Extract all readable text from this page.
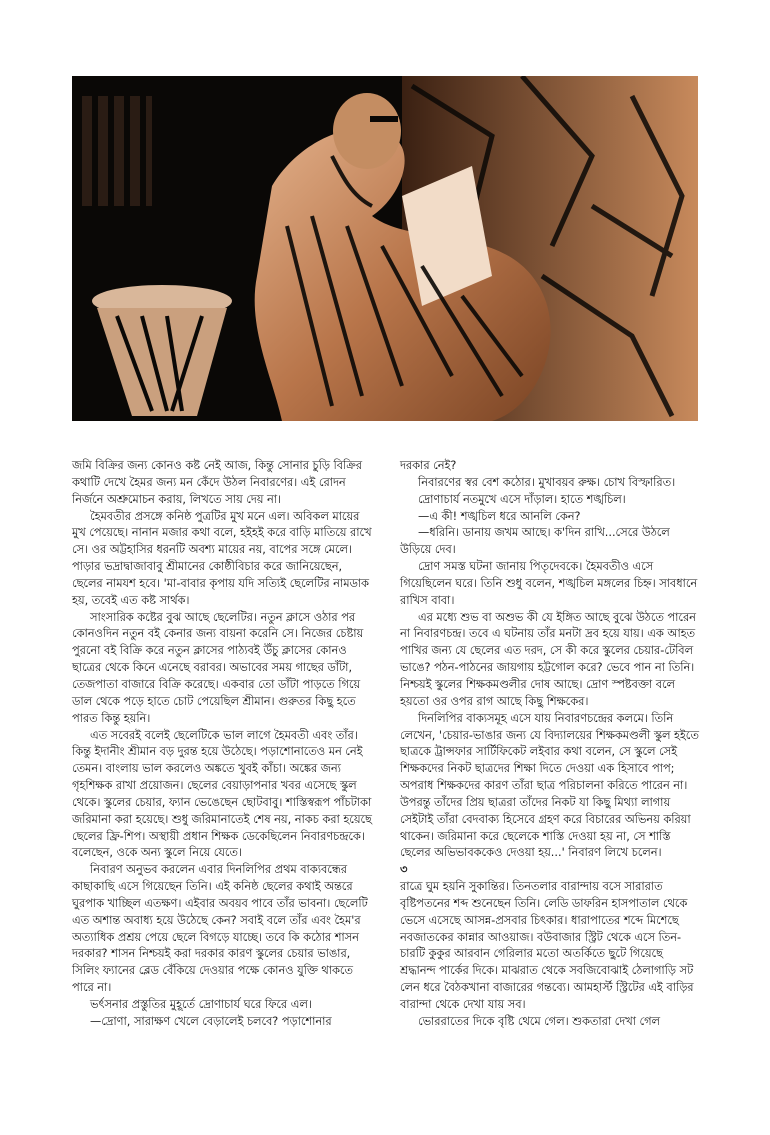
জমি বিক্রির জন্য কোনও কষ্ট নেই আজ, কিন্তু সোনার চুড়ি বিক্রির কথাটি দেখে হৈমর জন্য মন কেঁদে উঠল নিবারণের। এই রোদন নির্জনে অশ্রুমোচন করায়, লিখতে সায় দেয় না।

হৈমবতীর প্রসঙ্গে কনিষ্ঠ পুত্রটির মুখ মনে এল। অবিকল মায়ের মুখ পেয়েছে। নানান মজার কথা বলে, হইহই করে বাড়ি মাতিয়ে রাখে সে। ওর অট্টহাসির ধরনটি অবশ্য মায়ের নয়, বাপের সঙ্গে মেলে। পাড়ার ভদ্রাদ্বাজাবাবু শ্রীমানের কোষ্ঠীবিচার করে জানিয়েছেন, ছেলের নামযশ হবে। 'মা-বাবার কৃপায় যদি সত্যিই ছেলেটির নামডাক হয়, তবেই এত কষ্ট সার্থক।

সাংসারিক কষ্টের বুঝ আছে ছেলেটির। নতুন ক্লাসে ওঠার পর কোনওদিন নতুন বই কেনার জন্য বায়না করেনি সে। নিজের চেষ্টায় পুরনো বই বিক্রি করে নতুন ক্লাসের পাঠ্যবই উঁচু ক্লাসের কোনও ছাত্রের থেকে কিনে এনেছে বরাবর। অভাবের সময় গাছের ডাঁটা, তেজপাতা বাজারে বিক্রি করেছে। একবার তো ডাঁটা পাড়তে গিয়ে ডাল থেকে পড়ে হাতে চোট পেয়েছিল শ্রীমান। গুরুতর কিছু হতে পারত কিন্তু হয়নি।

এত সবেরই বলেই ছেলেটিকে ভাল লাগে হৈমবতী এবং তাঁর। কিন্তু ইদানীং শ্রীমান বড় দুরন্ত হয়ে উঠেছে। পড়াশোনাতেও মন নেই তেমন। বাংলায় ভাল করলেও অঙ্কতে খুবই কাঁচা। অঙ্কের জন্য গৃহশিক্ষক রাখা প্রয়োজন। ছেলের বেয়াড়াপনার খবর এসেছে স্কুল থেকে। স্কুলের চেয়ার, ফ্যান ভেঙেছেন ছোটবাবু। শাস্তিস্বরূপ পাঁচটাকা জরিমানা করা হয়েছে। শুধু জরিমানাতেই শেষ নয়, নাকচ করা হয়েছে ছেলের ফ্রি-শিপ। অস্থায়ী প্রধান শিক্ষক ডেকেছিলেন নিবারণচন্দ্রকে। বলেছেন, ওকে অন্য স্কুলে নিয়ে যেতে।

নিবারণ অনুভব করলেন এবার দিনলিপির প্রথম বাক্যবন্ধের কাছাকাছি এসে গিয়েছেন তিনি। এই কনিষ্ঠ ছেলের কথাই অন্তরে ঘুরপাক খাচ্ছিল এতক্ষণ। এইবার অবয়ব পাবে তাঁর ভাবনা। ছেলেটি এত অশান্ত অবাধ্য হয়ে উঠেছে কেন? সবাই বলে তাঁর এবং হৈম'র অত্যাধিক প্রশ্রয় পেয়ে ছেলে বিগড়ে যাচ্ছে। তবে কি কঠোর শাসন দরকার? শাসন নিশ্চয়ই করা দরকার কারণ স্কুলের চেয়ার ভাঙার, সিলিং ফ্যানের ব্লেড বেঁকিয়ে দেওয়ার পক্ষে কোনও যুক্তি থাকতে পারে না।

ভর্ৎসনার প্রস্তুতির মুহূর্তে দ্রোণাচার্য ঘরে ফিরে এল।

—দ্রোণা, সারাক্ষণ খেলে বেড়ালেই চলবে? পড়াশোনার

দরকার নেই?

নিবারণের স্বর বেশ কঠোর। মুখাবয়ব রুক্ষ। চোখ বিস্ফারিত।

দ্রোণাচার্য নতমুখে এসে দাঁড়াল। হাতে শঙ্খচিল।

—এ কী! শঙ্খচিল ধরে আনলি কেন?

—ধরিনি। ডানায় জখম আছে। ক'দিন রাখি...সেরে উঠলে উড়িয়ে দেব।

দ্রোণ সমস্ত ঘটনা জানায় পিতৃদেবকে। হৈমবতীও এসে গিয়েছিলেন ঘরে। তিনি শুধু বলেন, শঙ্খচিল মঙ্গলের চিহ্ন। সাবধানে রাখিস বাবা।

এর মধ্যে শুভ বা অশুভ কী যে ইঙ্গিত আছে বুঝে উঠতে পারেন না নিবারণচন্দ্র। তবে এ ঘটনায় তাঁর মনটা দ্রব হয়ে যায়। এক আহত পাখির জন্য যে ছেলের এত দরদ, সে কী করে স্কুলের চেয়ার-টেবিল ভাঙে? পঠন-পাঠনের জায়গায় হট্টগোল করে? ভেবে পান না তিনি। নিশ্চয়ই স্কুলের শিক্ষকমণ্ডলীর দোষ আছে। দ্রোণ স্পষ্টবক্তা বলে হয়তো ওর ওপর রাগ আছে কিছু শিক্ষকের।

দিনলিপির বাক্যসমূহ এসে যায় নিবারণচন্দ্রের কলমে। তিনি লেখেন, 'চেয়ার-ভাঙার জন্য যে বিদ্যালয়ের শিক্ষকমণ্ডলী স্কুল হইতে ছাত্রকে ট্রান্সফার সার্টিফিকেট লইবার কথা বলেন, সে স্কুলে সেই শিক্ষকদের নিকট ছাত্রদের শিক্ষা দিতে দেওয়া এক হিসাবে পাপ; অপরাধ শিক্ষকদের কারণ তাঁরা ছাত্র পরিচালনা করিতে পারেন না। উপরন্তু তাঁদের প্রিয় ছাত্ররা তাঁদের নিকট যা কিছু মিথ্যা লাগায় সেইটাই তাঁরা বেদবাক্য হিসেবে গ্রহণ করে বিচারের অভিনয় করিয়া থাকেন। জরিমানা করে ছেলেকে শাস্তি দেওয়া হয় না, সে শাস্তি ছেলের অভিভাবককেও দেওয়া হয়...' নিবারণ লিখে চলেন।

৩

রাত্রে ঘুম হয়নি সুকান্তির। তিনতলার বারান্দায় বসে সারারাত বৃষ্টিপতনের শব্দ শুনেছেন তিনি। লেডি ডাফরিন হাসপাতাল থেকে ভেসে এসেছে আসন্ন-প্রসবার চিৎকার। ধারাপাতের শব্দে মিশেছে নবজাতকের কান্নার আওয়াজ। বউবাজার স্ট্রিট থেকে এসে তিন-চারটি কুকুর আরবান গেরিলার মতো অতর্কিতে ছুটে গিয়েছে শ্রদ্ধানন্দ পার্কের দিকে। মাঝরাত থেকে সবজিবোঝাই ঠেলাগাড়ি সট লেন ধরে বৈঠকখানা বাজারের গন্তব্যে। আমহার্স্ট স্ট্রিটের এই বাড়ির বারান্দা থেকে দেখা যায় সব।

ভোররাতের দিকে বৃষ্টি থেমে গেল। শুকতারা দেখা গেল
